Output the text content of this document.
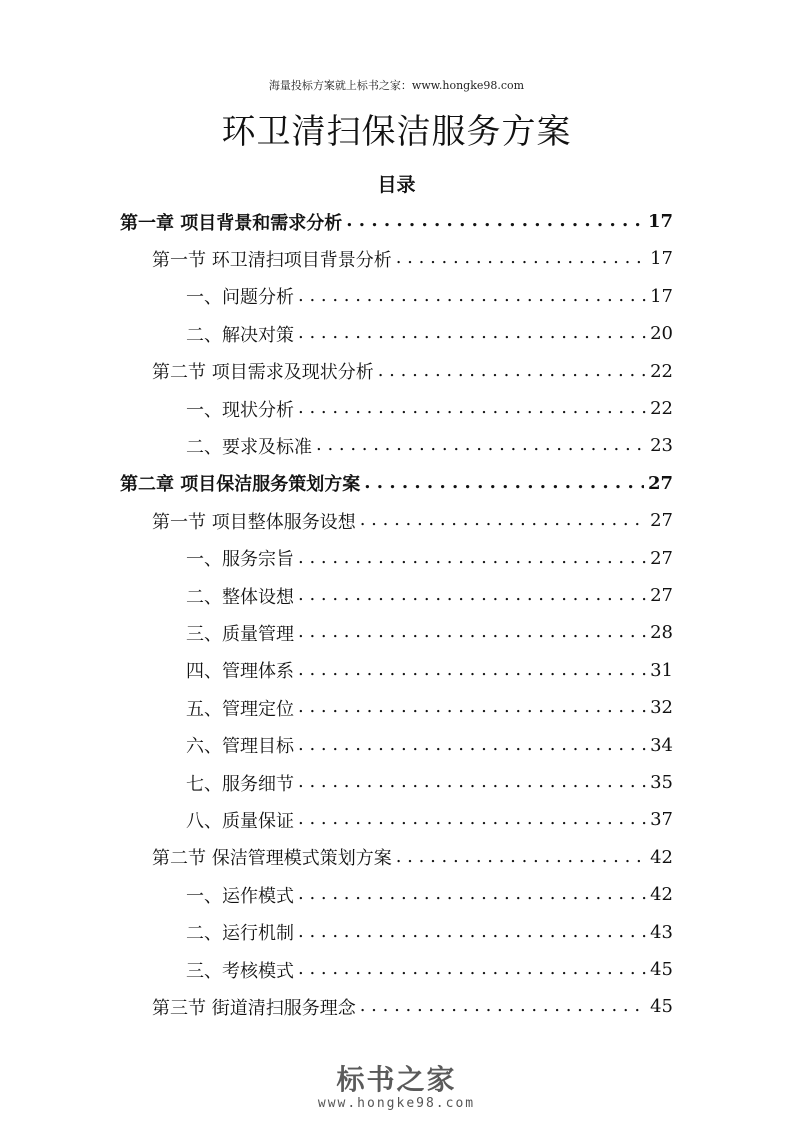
海量投标方案就上标书之家：www.hongke98.com
环卫清扫保洁服务方案
目录
第一章 项目背景和需求分析 . . .	17
第一节 环卫清扫项目背景分析 . . .	17
一、问题分析 . . .	17
二、解决对策 . . .	20
第二节 项目需求及现状分析 . . .	22
一、现状分析 . . .	22
二、要求及标准 . . .	23
第二章 项目保洁服务策划方案 . . .	27
第一节 项目整体服务设想 . . .	27
一、服务宗旨 . . .	27
二、整体设想 . . .	27
三、质量管理 . . .	28
四、管理体系 . . .	31
五、管理定位 . . .	32
六、管理目标 . . .	34
七、服务细节 . . .	35
八、质量保证 . . .	37
第二节 保洁管理模式策划方案 . . .	42
一、运作模式 . . .	42
二、运行机制 . . .	43
三、考核模式 . . .	45
第三节 街道清扫服务理念 . . .	45
标书之家
www.hongke98.com
